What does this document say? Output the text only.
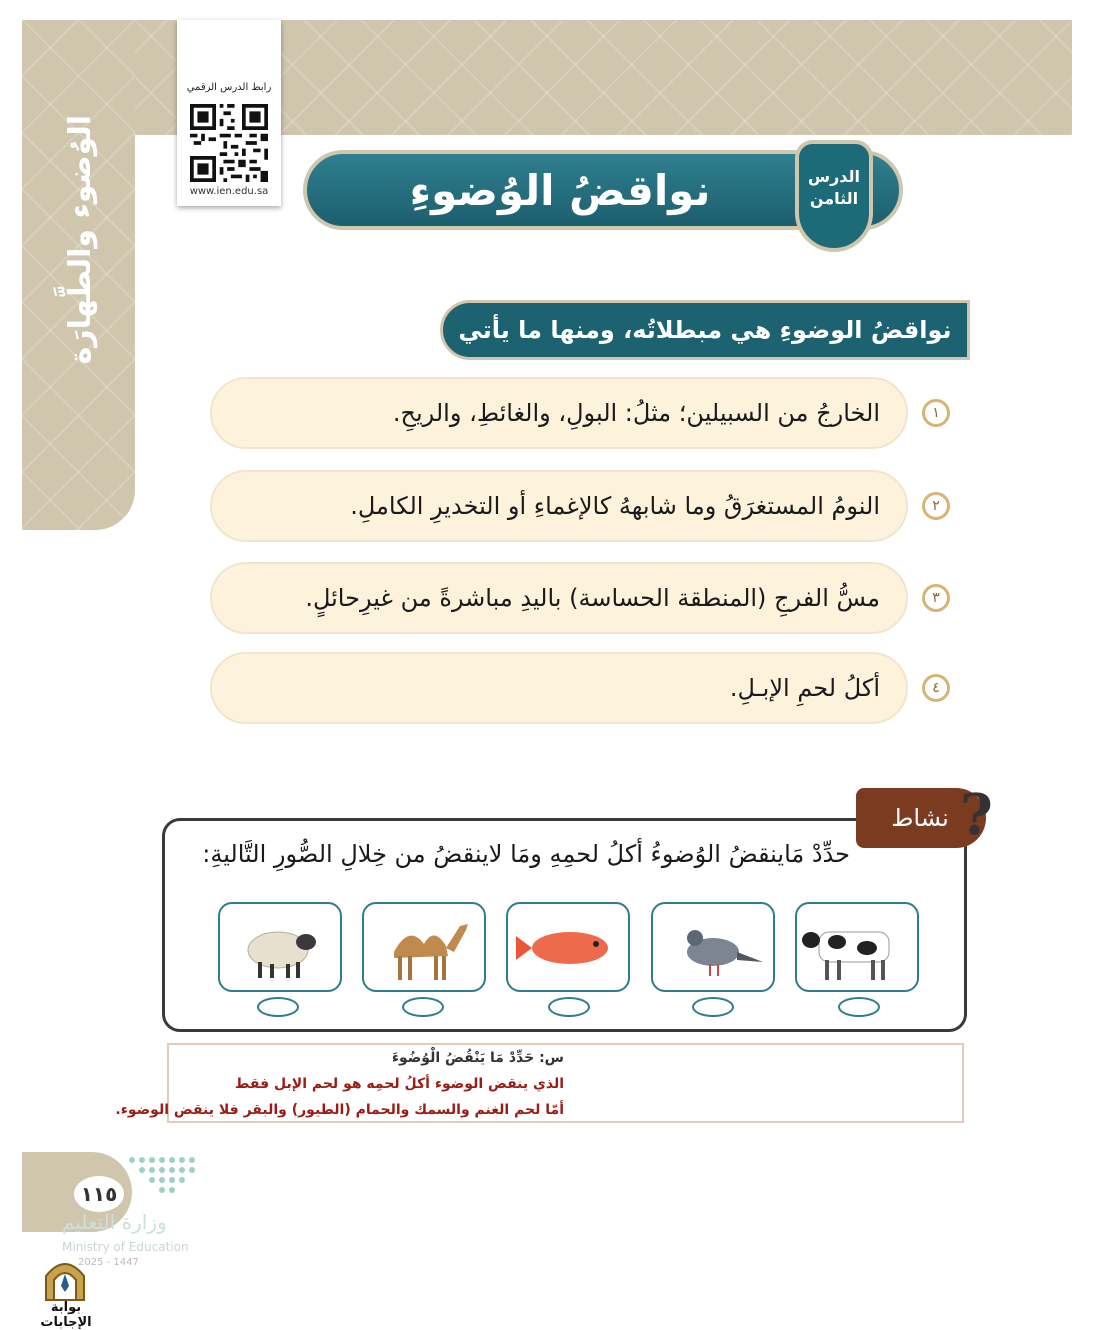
الوُضوء والطَّهارَة
رابط الدرس الرقمي
www.ien.edu.sa	نواقضُ الوُضوءِ	الدرس
الثامن
نواقضُ الوضوءِ هي مبطلاتُه، ومنها ما يأتي
الخارجُ من السبيلين؛ مثلُ: البولِ، والغائطِ، والريحِ.	١
النومُ المستغرَقُ وما شابههُ كالإغماءِ أو التخديرِ الكاملِ.	٢
مسُّ الفرجِ (المنطقة الحساسة) باليدِ مباشرةً من غيرِحائلٍ.	٣
أكلُ لحمِ الإبـلِ.	٤
نشاط ?
حدِّدْ مَاينقضُ الوُضوءُ أكلُ لحمِهِ ومَا لاينقضُ من خِلالِ الصُّورِ التَّاليةِ:
س: حَدِّدْ مَا يَنْقُضُ الْوُضُوءَ
الذي ينقض الوضوء أكلُ لحمِه هو لحم الإبل فقط
أمّا لحم الغنم والسمك والحمام (الطيور) والبقر فلا ينقض الوضوء.
١١٥
وزارة التعليم
Ministry of Education
2025 - 1447
بوابة الإجابات
